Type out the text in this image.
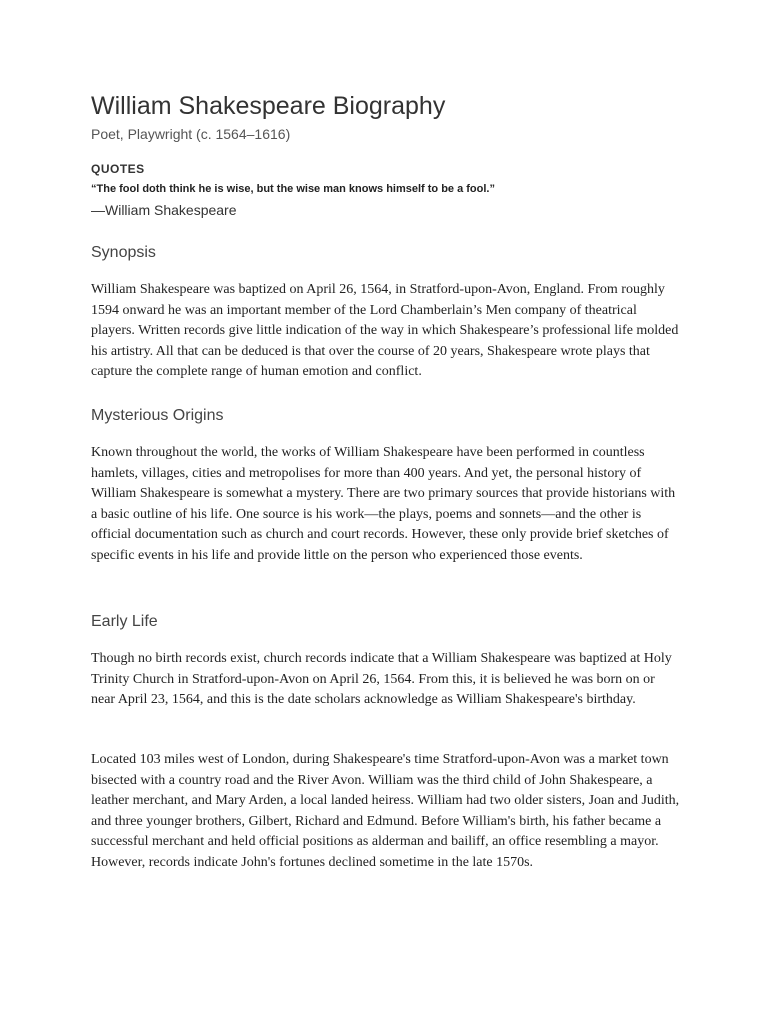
William Shakespeare Biography
Poet, Playwright (c. 1564–1616)
QUOTES
“The fool doth think he is wise, but the wise man knows himself to be a fool.”
—William Shakespeare
Synopsis

William Shakespeare was baptized on April 26, 1564, in Stratford-upon-Avon, England. From roughly 1594 onward he was an important member of the Lord Chamberlain’s Men company of theatrical players. Written records give little indication of the way in which Shakespeare’s professional life molded his artistry. All that can be deduced is that over the course of 20 years, Shakespeare wrote plays that capture the complete range of human emotion and conflict.

Mysterious Origins

Known throughout the world, the works of William Shakespeare have been performed in countless hamlets, villages, cities and metropolises for more than 400 years. And yet, the personal history of William Shakespeare is somewhat a mystery. There are two primary sources that provide historians with a basic outline of his life. One source is his work—the plays, poems and sonnets—and the other is official documentation such as church and court records. However, these only provide brief sketches of specific events in his life and provide little on the person who experienced those events.

Early Life

Though no birth records exist, church records indicate that a William Shakespeare was baptized at Holy Trinity Church in Stratford-upon-Avon on April 26, 1564. From this, it is believed he was born on or near April 23, 1564, and this is the date scholars acknowledge as William Shakespeare's birthday.

Located 103 miles west of London, during Shakespeare's time Stratford-upon-Avon was a market town bisected with a country road and the River Avon. William was the third child of John Shakespeare, a leather merchant, and Mary Arden, a local landed heiress. William had two older sisters, Joan and Judith, and three younger brothers, Gilbert, Richard and Edmund. Before William's birth, his father became a successful merchant and held official positions as alderman and bailiff, an office resembling a mayor. However, records indicate John's fortunes declined sometime in the late 1570s.
